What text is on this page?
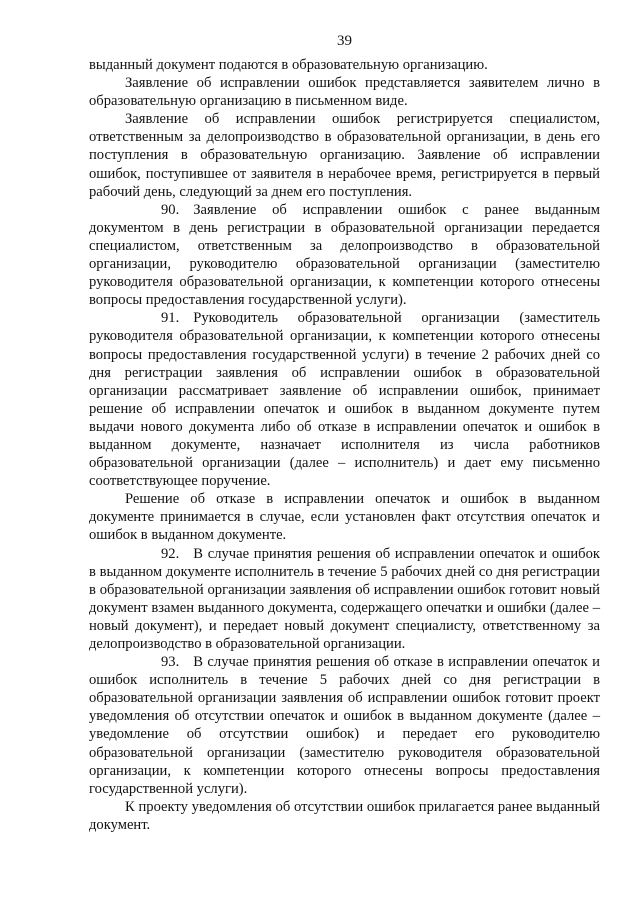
39

выданный документ подаются в образовательную организацию.

Заявление об исправлении ошибок представляется заявителем лично в образовательную организацию в письменном виде.

Заявление об исправлении ошибок регистрируется специалистом, ответственным за делопроизводство в образовательной организации, в день его поступления в образовательную организацию. Заявление об исправлении ошибок, поступившее от заявителя в нерабочее время, регистрируется в первый рабочий день, следующий за днем его поступления.

90. Заявление об исправлении ошибок с ранее выданным документом в день регистрации в образовательной организации передается специалистом, ответственным за делопроизводство в образовательной организации, руководителю образовательной организации (заместителю руководителя образовательной организации, к компетенции которого отнесены вопросы предоставления государственной услуги).

91. Руководитель образовательной организации (заместитель руководителя образовательной организации, к компетенции которого отнесены вопросы предоставления государственной услуги) в течение 2 рабочих дней со дня регистрации заявления об исправлении ошибок в образовательной организации рассматривает заявление об исправлении ошибок, принимает решение об исправлении опечаток и ошибок в выданном документе путем выдачи нового документа либо об отказе в исправлении опечаток и ошибок в выданном документе, назначает исполнителя из числа работников образовательной организации (далее – исполнитель) и дает ему письменно соответствующее поручение.

Решение об отказе в исправлении опечаток и ошибок в выданном документе принимается в случае, если установлен факт отсутствия опечаток и ошибок в выданном документе.

92. В случае принятия решения об исправлении опечаток и ошибок в выданном документе исполнитель в течение 5 рабочих дней со дня регистрации в образовательной организации заявления об исправлении ошибок готовит новый документ взамен выданного документа, содержащего опечатки и ошибки (далее – новый документ), и передает новый документ специалисту, ответственному за делопроизводство в образовательной организации.

93. В случае принятия решения об отказе в исправлении опечаток и ошибок исполнитель в течение 5 рабочих дней со дня регистрации в образовательной организации заявления об исправлении ошибок готовит проект уведомления об отсутствии опечаток и ошибок в выданном документе (далее – уведомление об отсутствии ошибок) и передает его руководителю образовательной организации (заместителю руководителя образовательной организации, к компетенции которого отнесены вопросы предоставления государственной услуги).

К проекту уведомления об отсутствии ошибок прилагается ранее выданный документ.
